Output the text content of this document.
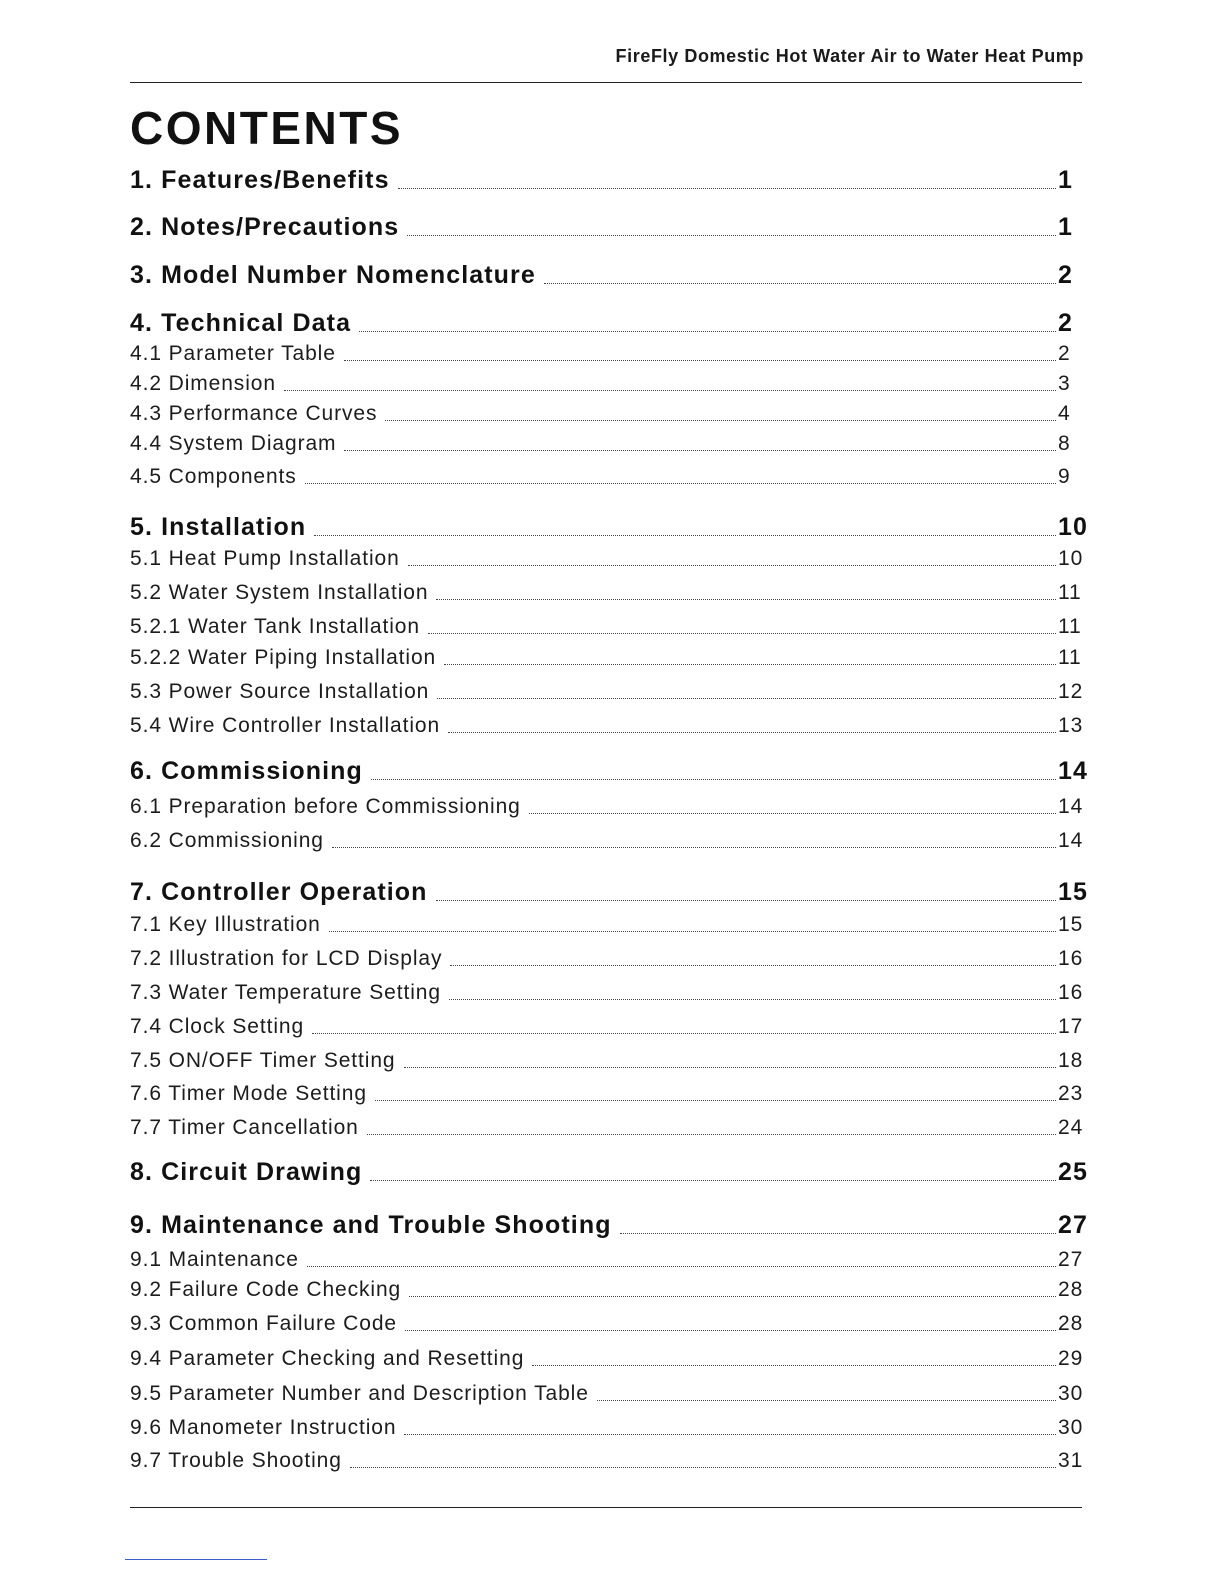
FireFly Domestic Hot Water Air to Water Heat Pump
CONTENTS
1. Features/Benefits	1
2. Notes/Precautions	1
3. Model Number Nomenclature	2
4. Technical Data	2
4.1 Parameter Table	2
4.2 Dimension	3
4.3 Performance Curves	4
4.4 System Diagram	8
4.5 Components	9
5. Installation	10
5.1 Heat Pump Installation	10
5.2 Water System Installation	11
5.2.1 Water Tank Installation	11
5.2.2 Water Piping Installation	11
5.3 Power Source Installation	12
5.4 Wire Controller Installation	13
6. Commissioning	14
6.1 Preparation before Commissioning	14
6.2 Commissioning	14
7. Controller Operation	15
7.1 Key Illustration	15
7.2 Illustration for LCD Display	16
7.3 Water Temperature Setting	16
7.4 Clock Setting	17
7.5 ON/OFF Timer Setting	18
7.6 Timer Mode Setting	23
7.7 Timer Cancellation	24
8. Circuit Drawing	25
9. Maintenance and Trouble Shooting	27
9.1 Maintenance	27
9.2 Failure Code Checking	28
9.3 Common Failure Code	28
9.4 Parameter Checking and Resetting	29
9.5 Parameter Number and Description Table	30
9.6 Manometer Instruction	30
9.7 Trouble Shooting	31
